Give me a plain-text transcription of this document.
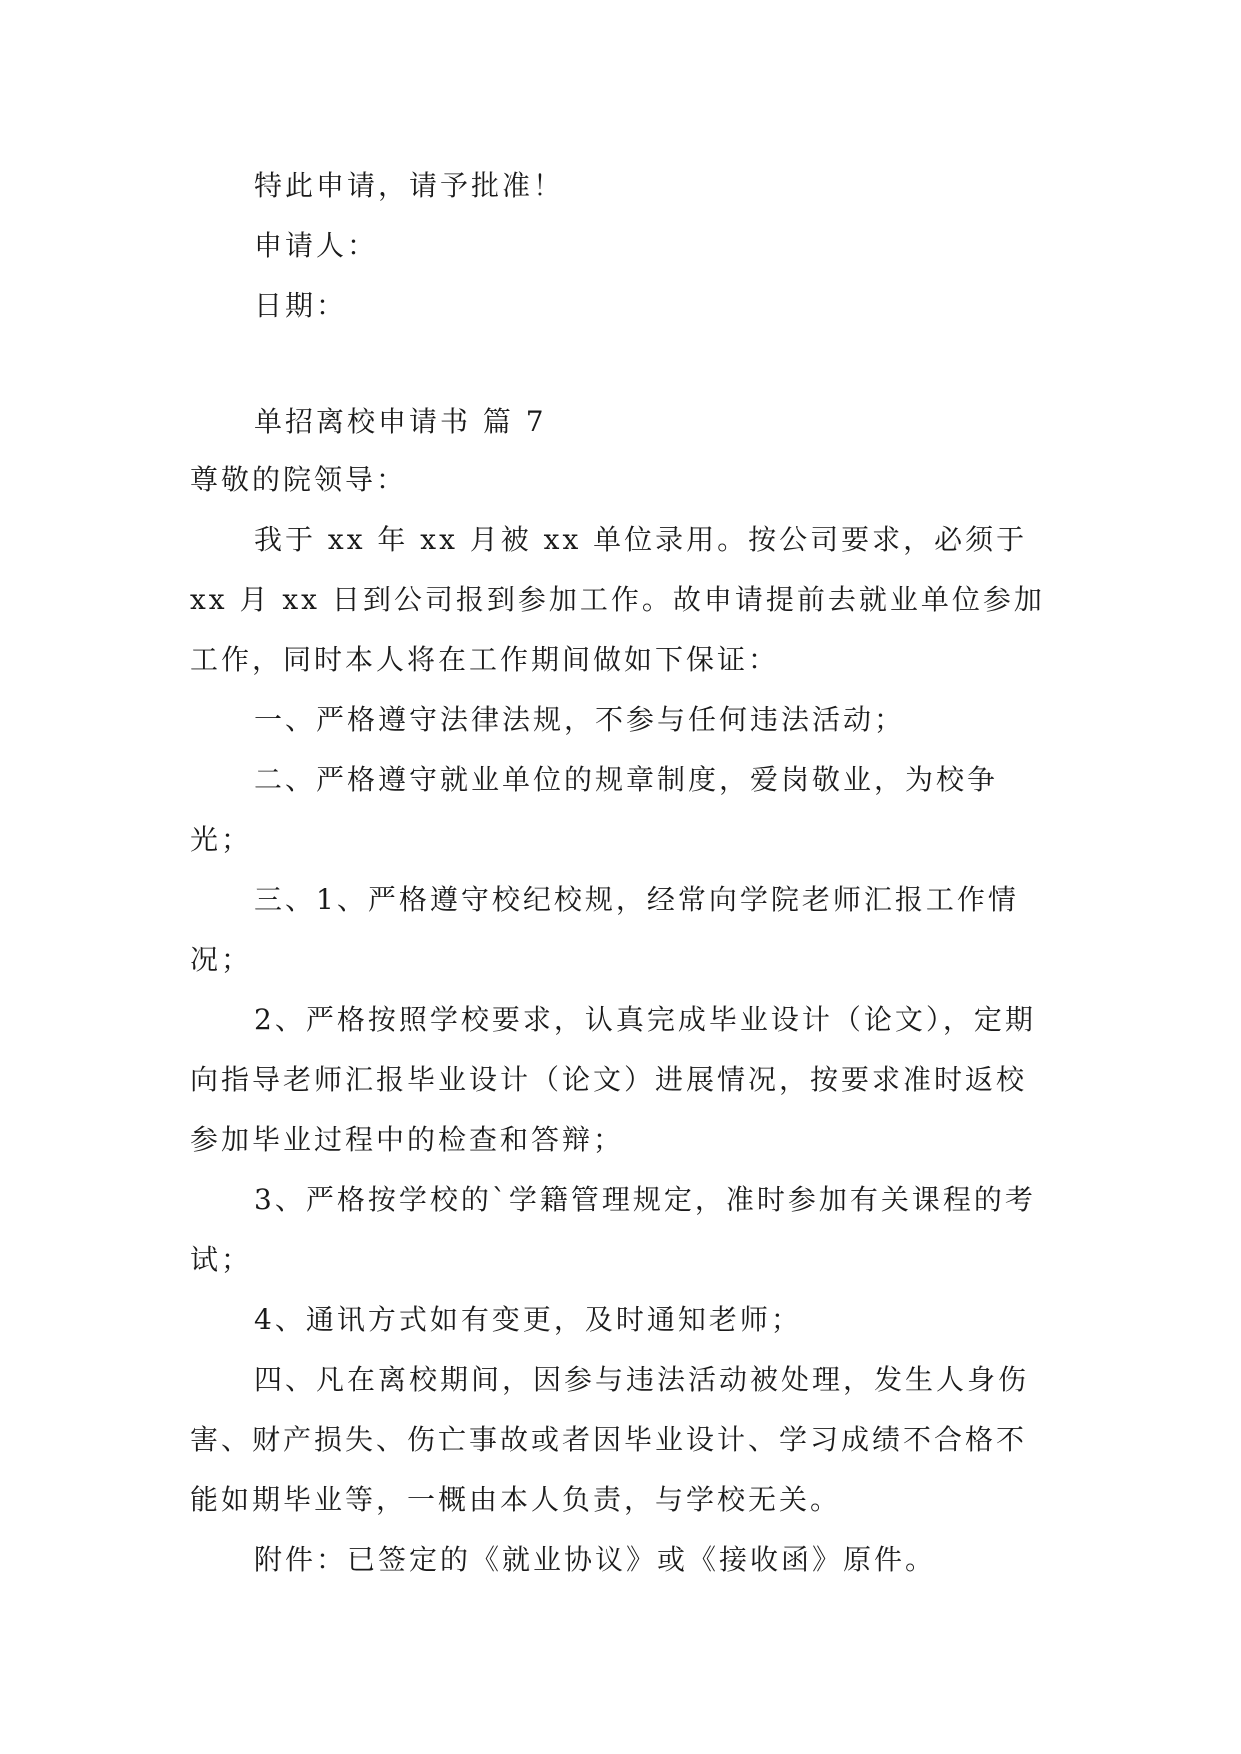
特此申请，请予批准！

申请人：

日期：

单招离校申请书 篇 7

尊敬的院领导：

我于 xx 年 xx 月被 xx 单位录用。按公司要求，必须于 xx 月 xx 日到公司报到参加工作。故申请提前去就业单位参加工作，同时本人将在工作期间做如下保证：

一、严格遵守法律法规，不参与任何违法活动；

二、严格遵守就业单位的规章制度，爱岗敬业，为校争光；

三、1、严格遵守校纪校规，经常向学院老师汇报工作情况；

2、严格按照学校要求，认真完成毕业设计（论文），定期向指导老师汇报毕业设计（论文）进展情况，按要求准时返校参加毕业过程中的检查和答辩；

3、严格按学校的`学籍管理规定，准时参加有关课程的考试；

4、通讯方式如有变更，及时通知老师；

四、凡在离校期间，因参与违法活动被处理，发生人身伤害、财产损失、伤亡事故或者因毕业设计、学习成绩不合格不能如期毕业等，一概由本人负责，与学校无关。

附件：已签定的《就业协议》或《接收函》原件。
